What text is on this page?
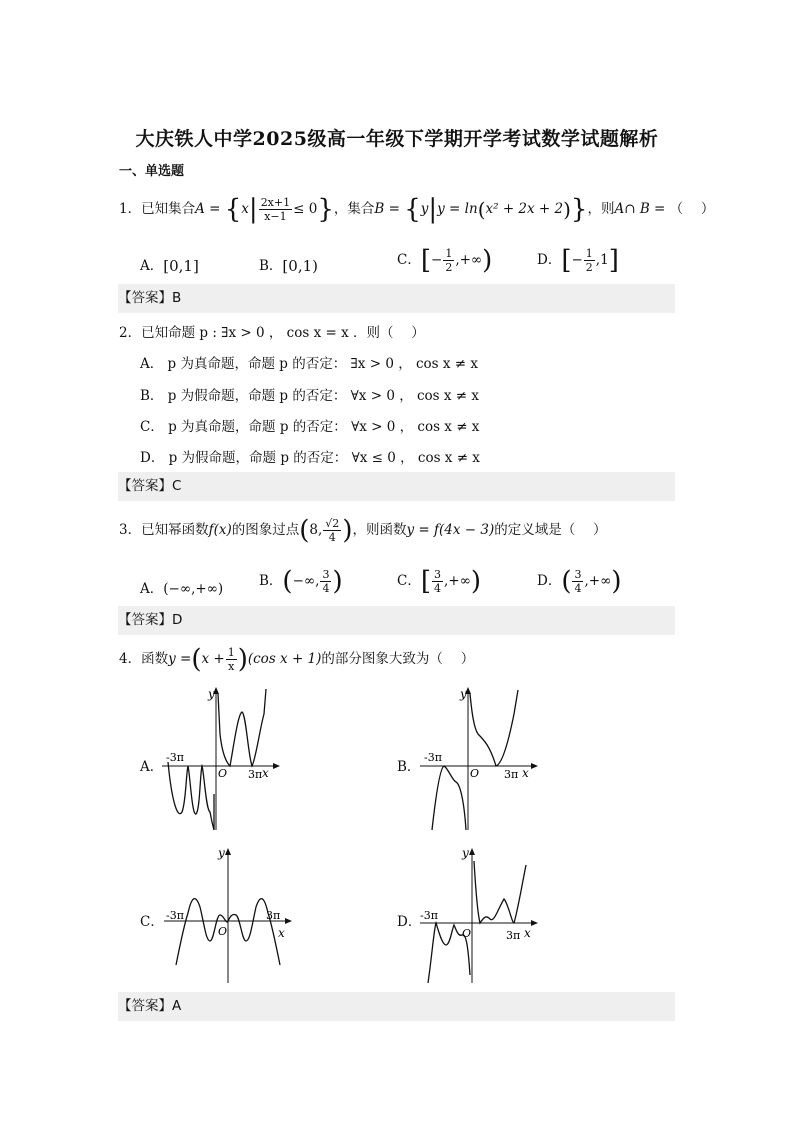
大庆铁人中学2025级高一年级下学期开学考试数学试题解析
一、单选题
1．已知集合$A = \{x| \frac{2x+1}{x-1} \le 0\}$，集合B = {y|y = ln(x² + 2x + 2)}，则A∩ B = （　 ）
A．[0,1]	B．[0,1)	C．[− $\frac{1}{2}$ ,+∞)	D．[− $\frac{1}{2} ,1$]
【答案】B
2．已知命题 p : ∃x > 0 ， cos x = x ．则（　 ）
A． p 为真命题，命题 p 的否定： ∃x > 0 ， cos x ≠ x
B． p 为假命题，命题 p 的否定： ∀x > 0 ， cos x ≠ x
C． p 为真命题，命题 p 的否定： ∀x > 0 ， cos x ≠ x
D． p 为假命题，命题 p 的否定： ∀x ≤ 0 ， cos x ≠ x
【答案】C
3．已知幂函数f(x)的图象过点(8, $\frac{√2}{4}$ )，则函数y = f(4x − 3)的定义域是（　 ）
A．(−∞,+∞)	B．(−∞, $\frac{3}{4}$ )	C．[ $\frac{3}{4}$ ,+∞)	D．( $\frac{3}{4}$ ,+∞)
【答案】D
4．函数$y =(x + \frac{1}{x} )(\cos$ x + 1)的部分图象大致为（　 ）
A．	x
y
O
-3π
3π	B．	x
y
O
-3π
3π
C．
x
y
O
-3π	3π	D．
x
y
O
-3π
3π
【答案】A
